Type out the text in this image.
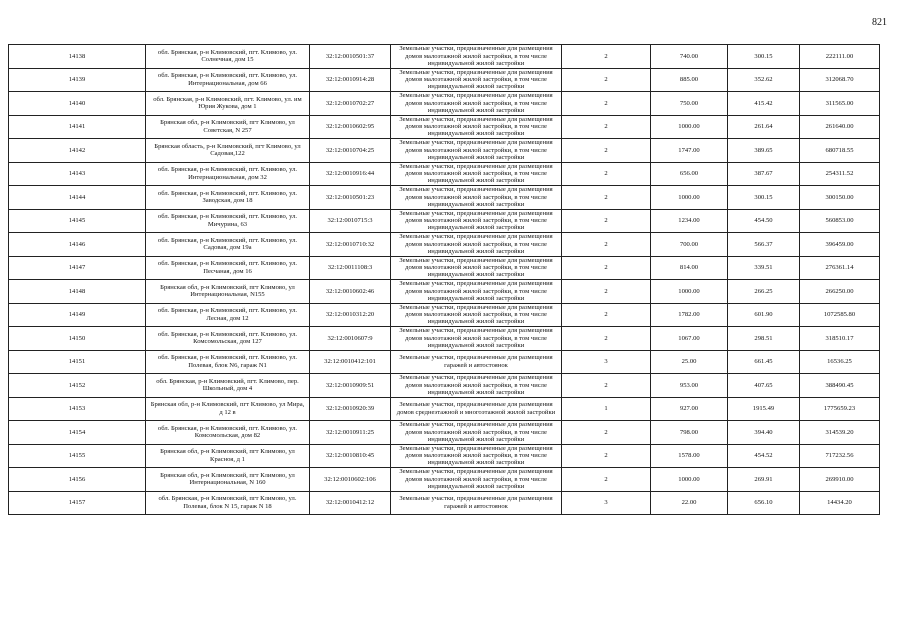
821
14138	обл. Брянская, р-н Климовский, пгт. Климово, ул. Солнечная, дом 15	32:12:0010501:37	Земельные участки, предназначенные для размещения домов малоэтажной жилой застройки, в том числе индивидуальной жилой застройки	2	740.00	300.15	222111.00
14139	обл. Брянская, р-н Климовский, пгт. Климово, ул. Интернациональная, дом 66	32:12:0010914:28	Земельные участки, предназначенные для размещения домов малоэтажной жилой застройки, в том числе индивидуальной жилой застройки	2	885.00	352.62	312068.70
14140	обл. Брянская, р-н Климовский, пгт. Климово, ул. им Юрия Жукова, дом 1	32:12:0010702:27	Земельные участки, предназначенные для размещения домов малоэтажной жилой застройки, в том числе индивидуальной жилой застройки	2	750.00	415.42	311565.00
14141	Брянская обл, р-н Климовский, пгт Климово, ул Советская, N 257	32:12:0010602:95	Земельные участки, предназначенные для размещения домов малоэтажной жилой застройки, в том числе индивидуальной жилой застройки	2	1000.00	261.64	261640.00
14142	Брянская область, р-н Климовский, пгт Климово, ул Садовая,122	32:12:0010704:25	Земельные участки, предназначенные для размещения домов малоэтажной жилой застройки, в том числе индивидуальной жилой застройки	2	1747.00	389.65	680718.55
14143	обл. Брянская, р-н Климовский, пгт. Климово, ул. Интернациональная, дом 32	32:12:0010916:44	Земельные участки, предназначенные для размещения домов малоэтажной жилой застройки, в том числе индивидуальной жилой застройки	2	656.00	387.67	254311.52
14144	обл. Брянская, р-н Климовский, пгт. Климово, ул. Заводская, дом 18	32:12:0010501:23	Земельные участки, предназначенные для размещения домов малоэтажной жилой застройки, в том числе индивидуальной жилой застройки	2	1000.00	300.15	300150.00
14145	обл. Брянская, р-н Климовский, пгт. Климово, ул. Мичурина, 63	32:12:0010715:3	Земельные участки, предназначенные для размещения домов малоэтажной жилой застройки, в том числе индивидуальной жилой застройки	2	1234.00	454.50	560853.00
14146	обл. Брянская, р-н Климовский, пгт. Климово, ул. Садовая, дом 19а	32:12:0010710:32	Земельные участки, предназначенные для размещения домов малоэтажной жилой застройки, в том числе индивидуальной жилой застройки	2	700.00	566.37	396459.00
14147	обл. Брянская, р-н Климовский, пгт. Климово, ул. Песчаная, дом 16	32:12:0011108:3	Земельные участки, предназначенные для размещения домов малоэтажной жилой застройки, в том числе индивидуальной жилой застройки	2	814.00	339.51	276361.14
14148	Брянская обл, р-н Климовский, пгт Климово, ул Интернациональная, N155	32:12:0010602:46	Земельные участки, предназначенные для размещения домов малоэтажной жилой застройки, в том числе индивидуальной жилой застройки	2	1000.00	266.25	266250.00
14149	обл. Брянская, р-н Климовский, пгт. Климово, ул. Лесная, дом 12	32:12:0010312:20	Земельные участки, предназначенные для размещения домов малоэтажной жилой застройки, в том числе индивидуальной жилой застройки	2	1782.00	601.90	1072585.80
14150	обл. Брянская, р-н Климовский, пгт. Климово, ул. Комсомольская, дом 127	32:12:0010607:9	Земельные участки, предназначенные для размещения домов малоэтажной жилой застройки, в том числе индивидуальной жилой застройки	2	1067.00	298.51	318510.17
14151	обл. Брянская, р-н Климовский, пгт. Климово, ул. Полевая, блок N6, гараж N1	32:12:0010412:101	Земельные участки, предназначенные для размещения гаражей и автостоянок	3	25.00	661.45	16536.25
14152	обл. Брянская, р-н Климовский, пгт. Климово, пер. Школьный, дом 4	32:12:0010909:51	Земельные участки, предназначенные для размещения домов малоэтажной жилой застройки, в том числе индивидуальной жилой застройки	2	953.00	407.65	388490.45
14153	Брянская обл, р-н Климовский, пгт Климово, ул Мира, д 12 в	32:12:0010920:39	Земельные участки, предназначенные для размещения домов среднеэтажной и многоэтажной жилой застройки	1	927.00	1915.49	1775659.23
14154	обл. Брянская, р-н Климовский, пгт. Климово, ул. Комсомольская, дом 82	32:12:0010911:25	Земельные участки, предназначенные для размещения домов малоэтажной жилой застройки, в том числе индивидуальной жилой застройки	2	798.00	394.40	314539.20
14155	Брянская обл, р-н Климовский, пгт Климово, ул Красноя, д 1	32:12:0010810:45	Земельные участки, предназначенные для размещения домов малоэтажной жилой застройки, в том числе индивидуальной жилой застройки	2	1578.00	454.52	717232.56
14156	Брянская обл, р-н Климовский, пгт Климово, ул Интернациональная, N 160	32:12:0010602:106	Земельные участки, предназначенные для размещения домов малоэтажной жилой застройки, в том числе индивидуальной жилой застройки	2	1000.00	269.91	269910.00
14157	обл. Брянская, р-н Климовский, пгт Климово, ул. Полевая, блок N 15, гараж N 18	32:12:0010412:12	Земельные участки, предназначенные для размещения гаражей и автостоянок	3	22.00	656.10	14434.20
